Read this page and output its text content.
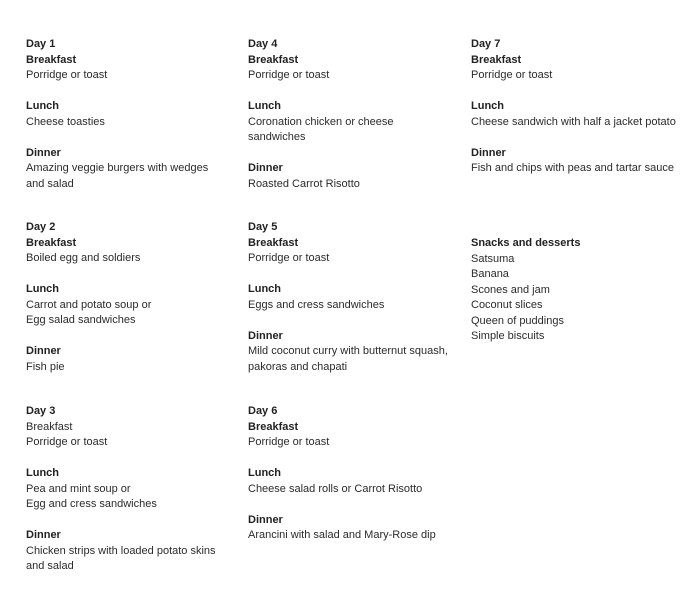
Day 1
Breakfast
Porridge or toast
Lunch
Cheese toasties
Dinner
Amazing veggie burgers with wedges
and salad
Day 2
Breakfast
Boiled egg and soldiers
Lunch
Carrot and potato soup or
Egg salad sandwiches
Dinner
Fish pie
Day 3
Breakfast
Porridge or toast
Lunch
Pea and mint soup or
Egg and cress sandwiches
Dinner
Chicken strips with loaded potato skins
and salad
Day 4
Breakfast
Porridge or toast
Lunch
Coronation chicken or cheese
sandwiches
Dinner
Roasted Carrot Risotto
Day 5
Breakfast
Porridge or toast
Lunch
Eggs and cress sandwiches
Dinner
Mild coconut curry with butternut squash,
pakoras and chapati
Day 6
Breakfast
Porridge or toast
Lunch
Cheese salad rolls or Carrot Risotto
Dinner
Arancini with salad and Mary-Rose dip
Day 7
Breakfast
Porridge or toast
Lunch
Cheese sandwich with half a jacket potato
Dinner
Fish and chips with peas and tartar sauce
Snacks and desserts
Satsuma
Banana
Scones and jam
Coconut slices
Queen of puddings
Simple biscuits
